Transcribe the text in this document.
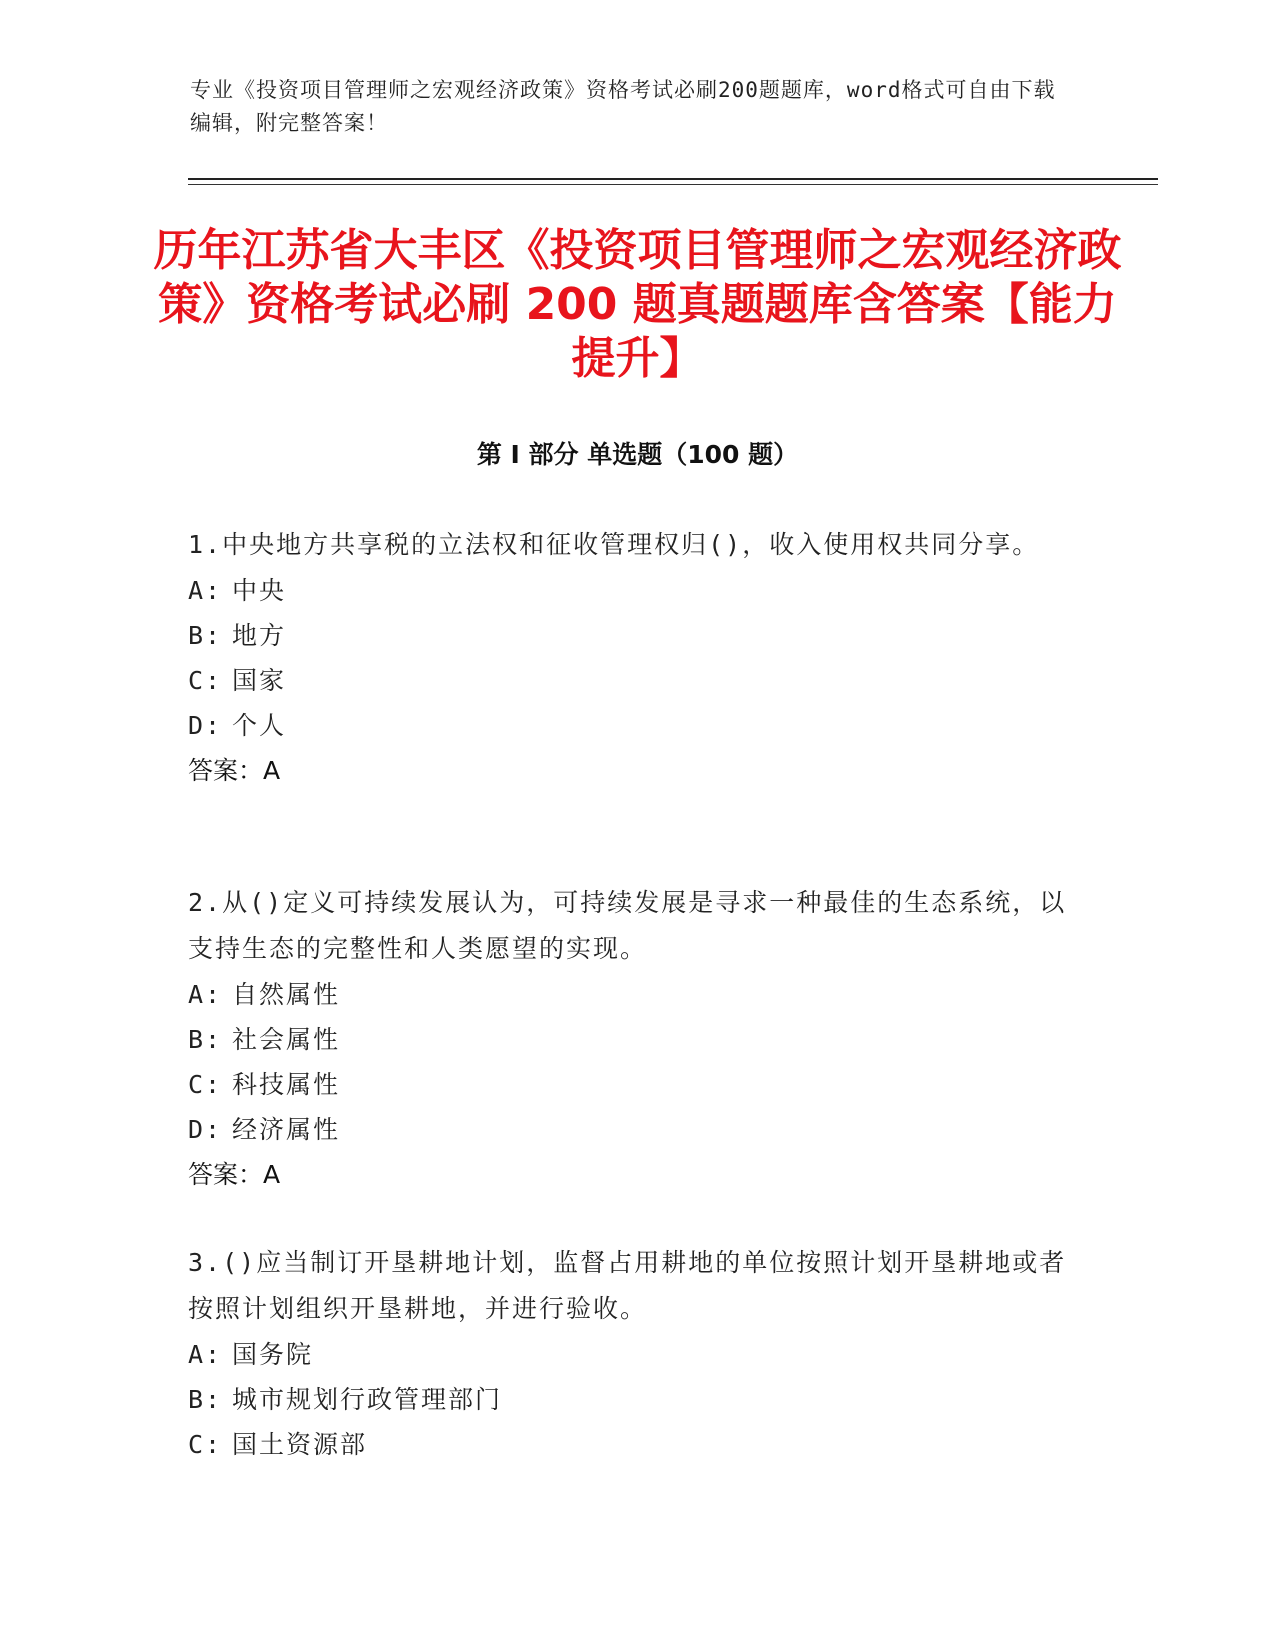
专业《投资项目管理师之宏观经济政策》资格考试必刷200题题库，word格式可自由下载编辑，附完整答案！
历年江苏省大丰区《投资项目管理师之宏观经济政策》资格考试必刷 200 题真题题库含答案【能力提升】
第 I 部分 单选题（100 题）
1.中央地方共享税的立法权和征收管理权归()，收入使用权共同分享。
A: 中央
B: 地方
C: 国家
D: 个人
答案：A
2.从()定义可持续发展认为，可持续发展是寻求一种最佳的生态系统，以支持生态的完整性和人类愿望的实现。
A: 自然属性
B: 社会属性
C: 科技属性
D: 经济属性
答案：A
3.()应当制订开垦耕地计划，监督占用耕地的单位按照计划开垦耕地或者按照计划组织开垦耕地，并进行验收。
A: 国务院
B: 城市规划行政管理部门
C: 国土资源部
